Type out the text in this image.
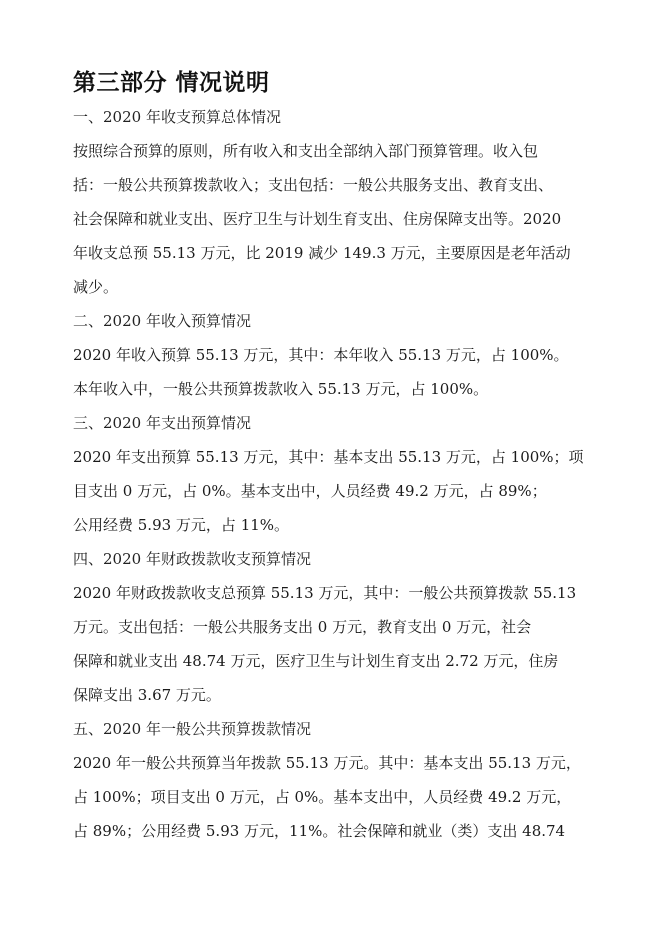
第三部分 情况说明

一、2020 年收支预算总体情况

按照综合预算的原则，所有收入和支出全部纳入部门预算管理。收入包

括：一般公共预算拨款收入；支出包括：一般公共服务支出、教育支出、

社会保障和就业支出、医疗卫生与计划生育支出、住房保障支出等。2020

年收支总预 55.13 万元，比 2019 减少 149.3 万元，主要原因是老年活动

减少。

二、2020 年收入预算情况

2020 年收入预算 55.13 万元，其中：本年收入 55.13 万元，占 100%。

本年收入中，一般公共预算拨款收入 55.13 万元，占 100%。

三、2020 年支出预算情况

2020 年支出预算 55.13 万元，其中：基本支出 55.13 万元，占 100%；项

目支出 0 万元，占 0%。基本支出中，人员经费 49.2 万元，占 89%；

公用经费 5.93 万元，占 11%。

四、2020 年财政拨款收支预算情况

2020 年财政拨款收支总预算 55.13 万元，其中：一般公共预算拨款 55.13

万元。支出包括：一般公共服务支出 0 万元，教育支出 0 万元，社会

保障和就业支出 48.74 万元，医疗卫生与计划生育支出 2.72 万元，住房

保障支出 3.67 万元。

五、2020 年一般公共预算拨款情况

2020 年一般公共预算当年拨款 55.13 万元。其中：基本支出 55.13 万元，

占 100%；项目支出 0 万元，占 0%。基本支出中，人员经费 49.2 万元，

占 89%；公用经费 5.93 万元，11%。社会保障和就业（类）支出 48.74
